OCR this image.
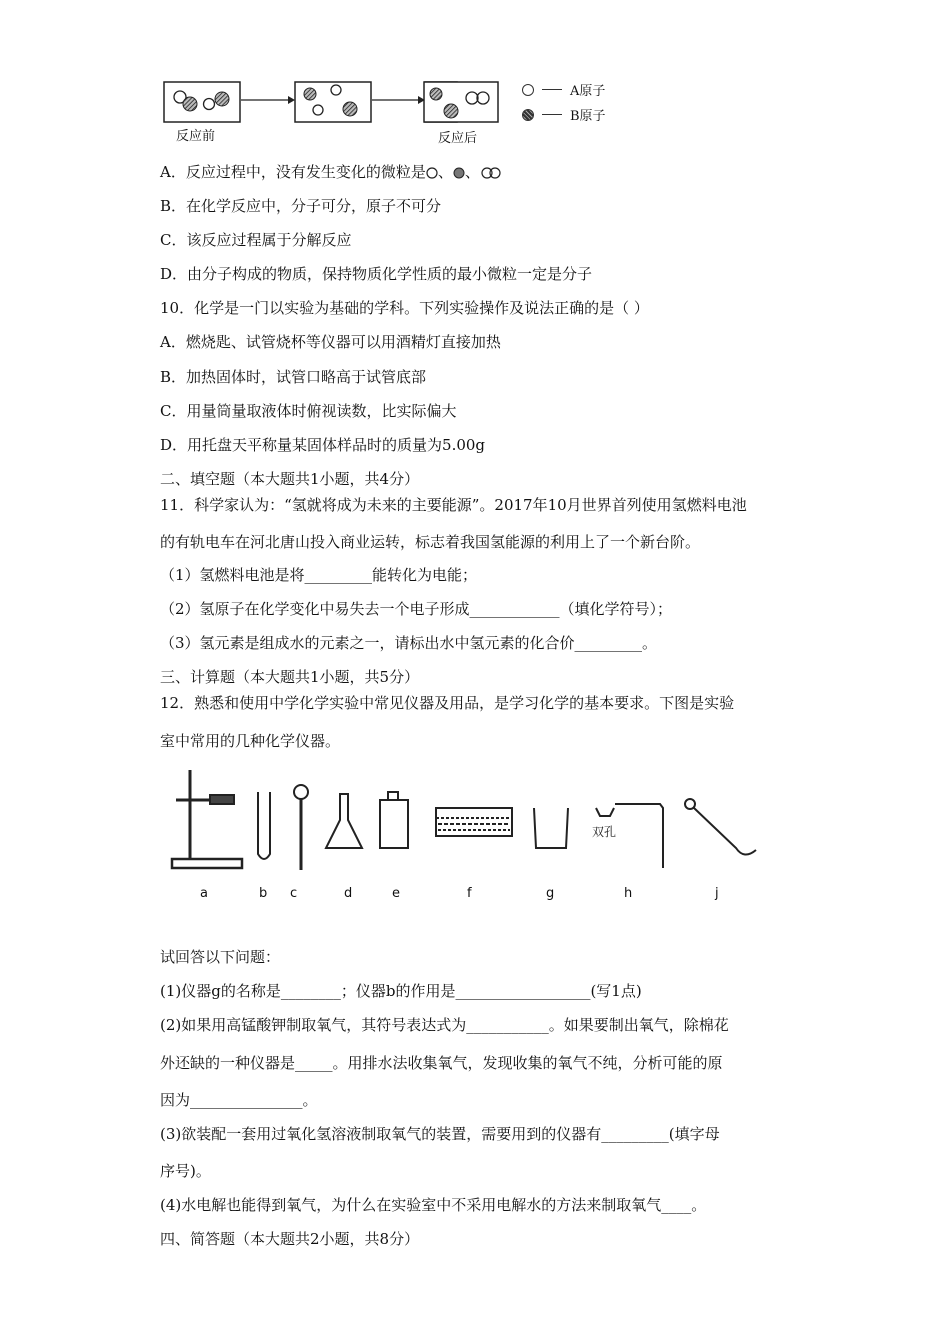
反应前	反应后
A原子
B原子
A．反应过程中，没有发生变化的微粒是 、 、
B．在化学反应中，分子可分，原子不可分
C．该反应过程属于分解反应
D．由分子构成的物质，保持物质化学性质的最小微粒一定是分子
10．化学是一门以实验为基础的学科。下列实验操作及说法正确的是（ ）
A．燃烧匙、试管烧杯等仪器可以用酒精灯直接加热
B．加热固体时，试管口略高于试管底部
C．用量筒量取液体时俯视读数，比实际偏大
D．用托盘天平称量某固体样品时的质量为5.00g
二、填空题（本大题共1小题，共4分）
11．科学家认为：“氢就将成为未来的主要能源”。2017年10月世界首列使用氢燃料电池
的有轨电车在河北唐山投入商业运转，标志着我国氢能源的利用上了一个新台阶。
（1）氢燃料电池是将_________能转化为电能；
（2）氢原子在化学变化中易失去一个电子形成____________（填化学符号）；
（3）氢元素是组成水的元素之一，请标出水中氢元素的化合价_________。
三、计算题（本大题共1小题，共5分）
12．熟悉和使用中学化学实验中常见仪器及用品，是学习化学的基本要求。下图是实验
室中常用的几种化学仪器。
双孔
a	b c	d	e	f	g	h	j
试回答以下问题：
(1)仪器g的名称是________；仪器b的作用是__________________(写1点)
(2)如果用高锰酸钾制取氧气，其符号表达式为___________。如果要制出氧气，除棉花
外还缺的一种仪器是_____。用排水法收集氧气，发现收集的氧气不纯，分析可能的原
因为_______________。
(3)欲装配一套用过氧化氢溶液制取氧气的装置，需要用到的仪器有_________(填字母
序号)。
(4)水电解也能得到氧气，为什么在实验室中不采用电解水的方法来制取氧气____。
四、简答题（本大题共2小题，共8分）
